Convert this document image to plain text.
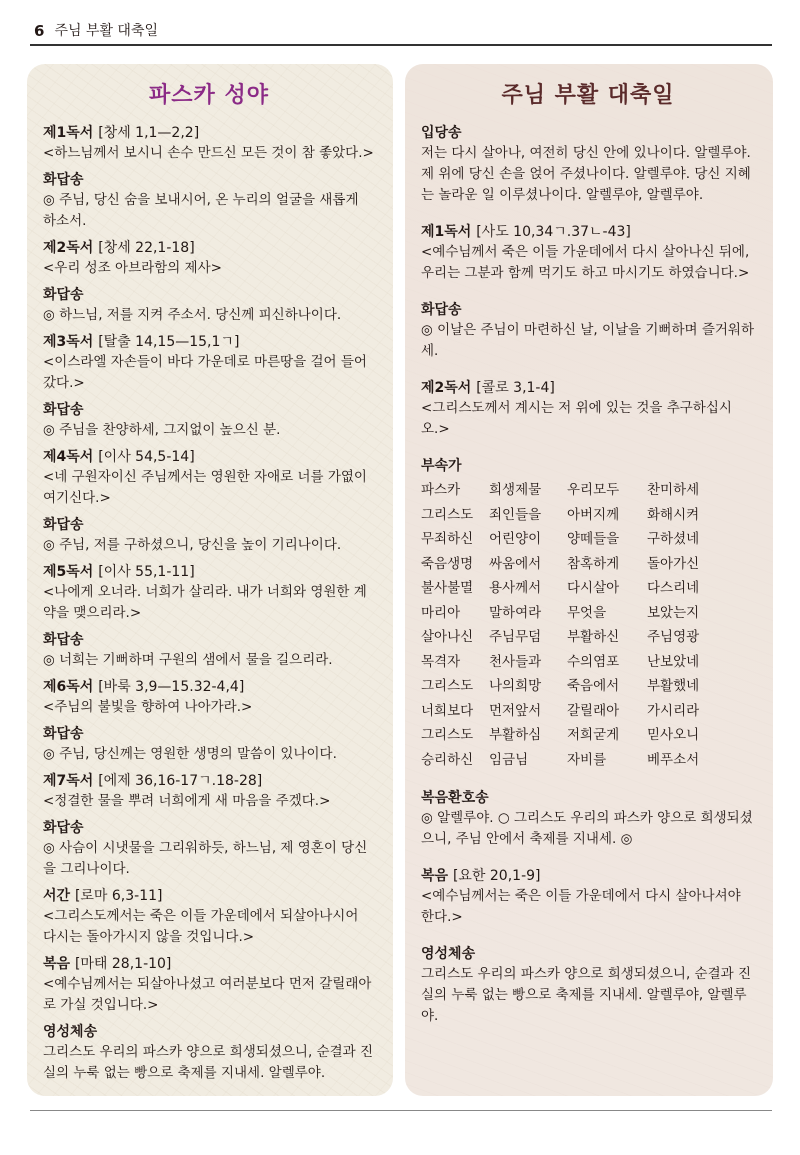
6 주님 부활 대축일
파스카 성야

제1독서 [창세 1,1—2,2]

<하느님께서 보시니 손수 만드신 모든 것이 참 좋았다.>

화답송

◎ 주님, 당신 숨을 보내시어, 온 누리의 얼굴을 새롭게 하소서.

제2독서 [창세 22,1-18]

<우리 성조 아브라함의 제사>

화답송

◎ 하느님, 저를 지켜 주소서. 당신께 피신하나이다.

제3독서 [탈출 14,15—15,1ㄱ]

<이스라엘 자손들이 바다 가운데로 마른땅을 걸어 들어갔다.>

화답송

◎ 주님을 찬양하세, 그지없이 높으신 분.

제4독서 [이사 54,5-14]

<네 구원자이신 주님께서는 영원한 자애로 너를 가엾이 여기신다.>

화답송

◎ 주님, 저를 구하셨으니, 당신을 높이 기리나이다.

제5독서 [이사 55,1-11]

<나에게 오너라. 너희가 살리라. 내가 너희와 영원한 계약을 맺으리라.>

화답송

◎ 너희는 기뻐하며 구원의 샘에서 물을 길으리라.

제6독서 [바룩 3,9—15.32-4,4]

<주님의 불빛을 향하여 나아가라.>

화답송

◎ 주님, 당신께는 영원한 생명의 말씀이 있나이다.

제7독서 [에제 36,16-17ㄱ.18-28]

<정결한 물을 뿌려 너희에게 새 마음을 주겠다.>

화답송

◎ 사슴이 시냇물을 그리워하듯, 하느님, 제 영혼이 당신을 그리나이다.

서간 [로마 6,3-11]

<그리스도께서는 죽은 이들 가운데에서 되살아나시어 다시는 돌아가시지 않을 것입니다.>

복음 [마태 28,1-10]

<예수님께서는 되살아나셨고 여러분보다 먼저 갈릴래아로 가실 것입니다.>

영성체송

그리스도 우리의 파스카 양으로 희생되셨으니, 순결과 진실의 누룩 없는 빵으로 축제를 지내세. 알렐루야.

주님 부활 대축일

입당송

저는 다시 살아나, 여전히 당신 안에 있나이다. 알렐루야. 제 위에 당신 손을 얹어 주셨나이다. 알렐루야. 당신 지혜는 놀라운 일 이루셨나이다. 알렐루야, 알렐루야.

제1독서 [사도 10,34ㄱ.37ㄴ-43]

<예수님께서 죽은 이들 가운데에서 다시 살아나신 뒤에, 우리는 그분과 함께 먹기도 하고 마시기도 하였습니다.>

화답송

◎ 이날은 주님이 마련하신 날, 이날을 기뻐하며 즐거워하세.

제2독서 [콜로 3,1-4]

<그리스도께서 계시는 저 위에 있는 것을 추구하십시오.>

부속가

파스카	희생제물	우리모두	찬미하세
그리스도	죄인들을	아버지께	화해시켜
무죄하신	어린양이	양떼들을	구하셨네
죽음생명	싸움에서	참혹하게	돌아가신
불사불멸	용사께서	다시살아	다스리네
마리아	말하여라	무엇을	보았는지
살아나신	주님무덤	부활하신	주님영광
목격자	천사들과	수의염포	난보았네
그리스도	나의희망	죽음에서	부활했네
너희보다	먼저앞서	갈릴래아	가시리라
그리스도	부활하심	저희굳게	믿사오니
승리하신	임금님	자비를	베푸소서

복음환호송

◎ 알렐루야. ○ 그리스도 우리의 파스카 양으로 희생되셨으니, 주님 안에서 축제를 지내세. ◎

복음 [요한 20,1-9]

<예수님께서는 죽은 이들 가운데에서 다시 살아나셔야 한다.>

영성체송

그리스도 우리의 파스카 양으로 희생되셨으니, 순결과 진실의 누룩 없는 빵으로 축제를 지내세. 알렐루야, 알렐루야.
